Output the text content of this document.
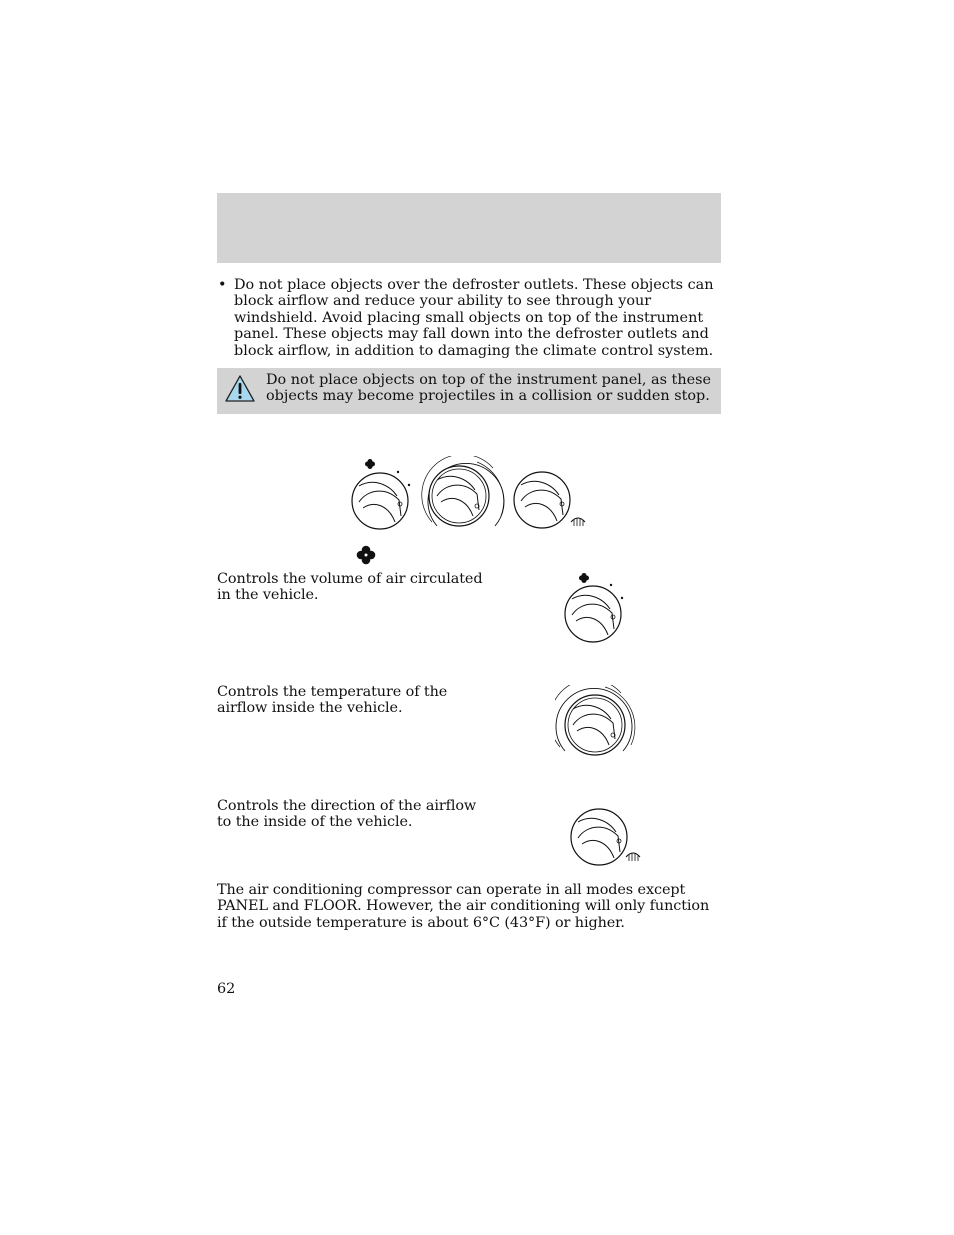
• Do not place objects over the defroster outlets. These objects can block airflow and reduce your ability to see through your windshield. Avoid placing small objects on top of the instrument panel. These objects may fall down into the defroster outlets and block airflow, in addition to damaging the climate control system.
Do not place objects on top of the instrument panel, as these objects may become projectiles in a collision or sudden stop.
Controls the volume of air circulated in the vehicle.
Controls the temperature of the airflow inside the vehicle.
Controls the direction of the airflow to the inside of the vehicle.
The air conditioning compressor can operate in all modes except PANEL and FLOOR. However, the air conditioning will only function if the outside temperature is about 6°C (43°F) or higher.
62
